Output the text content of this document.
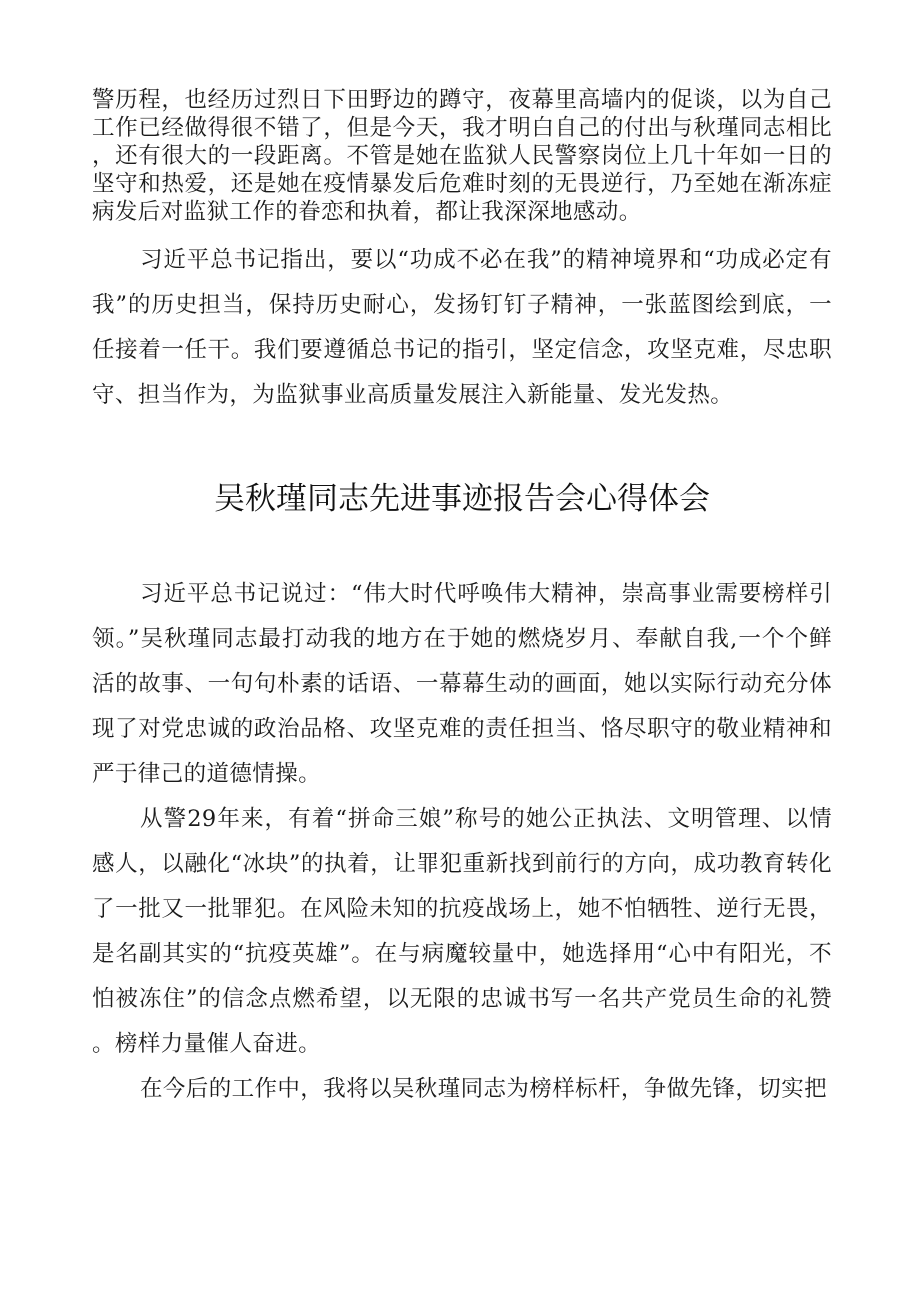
警历程，也经历过烈日下田野边的蹲守，夜幕里高墙内的促谈，以为自己工作已经做得很不错了，但是今天，我才明白自己的付出与秋瑾同志相比，还有很大的一段距离。不管是她在监狱人民警察岗位上几十年如一日的坚守和热爱，还是她在疫情暴发后危难时刻的无畏逆行，乃至她在渐冻症病发后对监狱工作的眷恋和执着，都让我深深地感动。

习近平总书记指出，要以“功成不必在我”的精神境界和“功成必定有我”的历史担当，保持历史耐心，发扬钉钉子精神，一张蓝图绘到底，一任接着一任干。我们要遵循总书记的指引，坚定信念，攻坚克难，尽忠职守、担当作为，为监狱事业高质量发展注入新能量、发光发热。

吴秋瑾同志先进事迹报告会心得体会

习近平总书记说过：“伟大时代呼唤伟大精神，崇高事业需要榜样引领。”吴秋瑾同志最打动我的地方在于她的燃烧岁月、奉献自我,一个个鲜活的故事、一句句朴素的话语、一幕幕生动的画面，她以实际行动充分体现了对党忠诚的政治品格、攻坚克难的责任担当、恪尽职守的敬业精神和严于律己的道德情操。

从警29年来，有着“拼命三娘”称号的她公正执法、文明管理、以情感人，以融化“冰块”的执着，让罪犯重新找到前行的方向，成功教育转化了一批又一批罪犯。在风险未知的抗疫战场上，她不怕牺牲、逆行无畏，是名副其实的“抗疫英雄”。在与病魔较量中，她选择用“心中有阳光，不怕被冻住”的信念点燃希望，以无限的忠诚书写一名共产党员生命的礼赞。榜样力量催人奋进。

在今后的工作中，我将以吴秋瑾同志为榜样标杆，争做先锋，切实把
